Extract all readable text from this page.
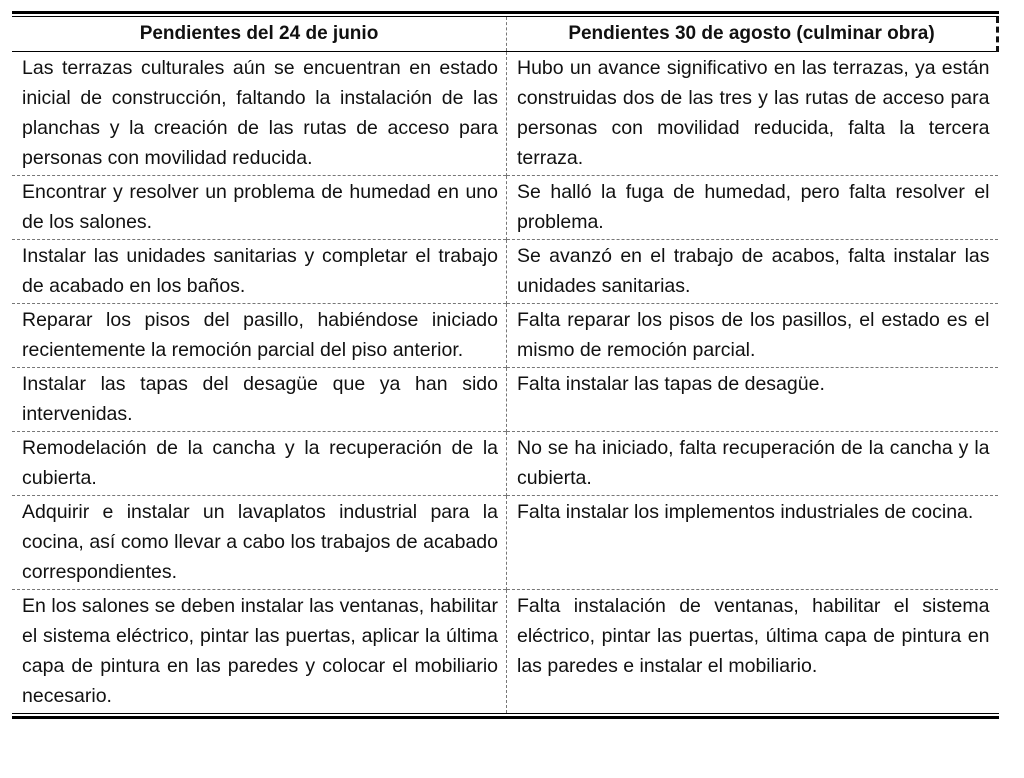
Pendientes del 24 de junio	Pendientes 30 de agosto (culminar obra)
Las terrazas culturales aún se encuentran en estado inicial de construcción, faltando la instalación de las planchas y la creación de las rutas de acceso para personas con movilidad reducida.	Hubo un avance significativo en las terrazas, ya están construidas dos de las tres y las rutas de acceso para personas con movilidad reducida, falta la tercera terraza.
Encontrar y resolver un problema de humedad en uno de los salones.	Se halló la fuga de humedad, pero falta resolver el problema.
Instalar las unidades sanitarias y completar el trabajo de acabado en los baños.	Se avanzó en el trabajo de acabos, falta instalar las unidades sanitarias.
Reparar los pisos del pasillo, habiéndose iniciado recientemente la remoción parcial del piso anterior.	Falta reparar los pisos de los pasillos, el estado es el mismo de remoción parcial.
Instalar las tapas del desagüe que ya han sido intervenidas.	Falta instalar las tapas de desagüe.
Remodelación de la cancha y la recuperación de la cubierta.	No se ha iniciado, falta recuperación de la cancha y la cubierta.
Adquirir e instalar un lavaplatos industrial para la cocina, así como llevar a cabo los trabajos de acabado correspondientes.	Falta instalar los implementos industriales de cocina.
En los salones se deben instalar las ventanas, habilitar el sistema eléctrico, pintar las puertas, aplicar la última capa de pintura en las paredes y colocar el mobiliario necesario.	Falta instalación de ventanas, habilitar el sistema eléctrico, pintar las puertas, última capa de pintura en las paredes e instalar el mobiliario.
